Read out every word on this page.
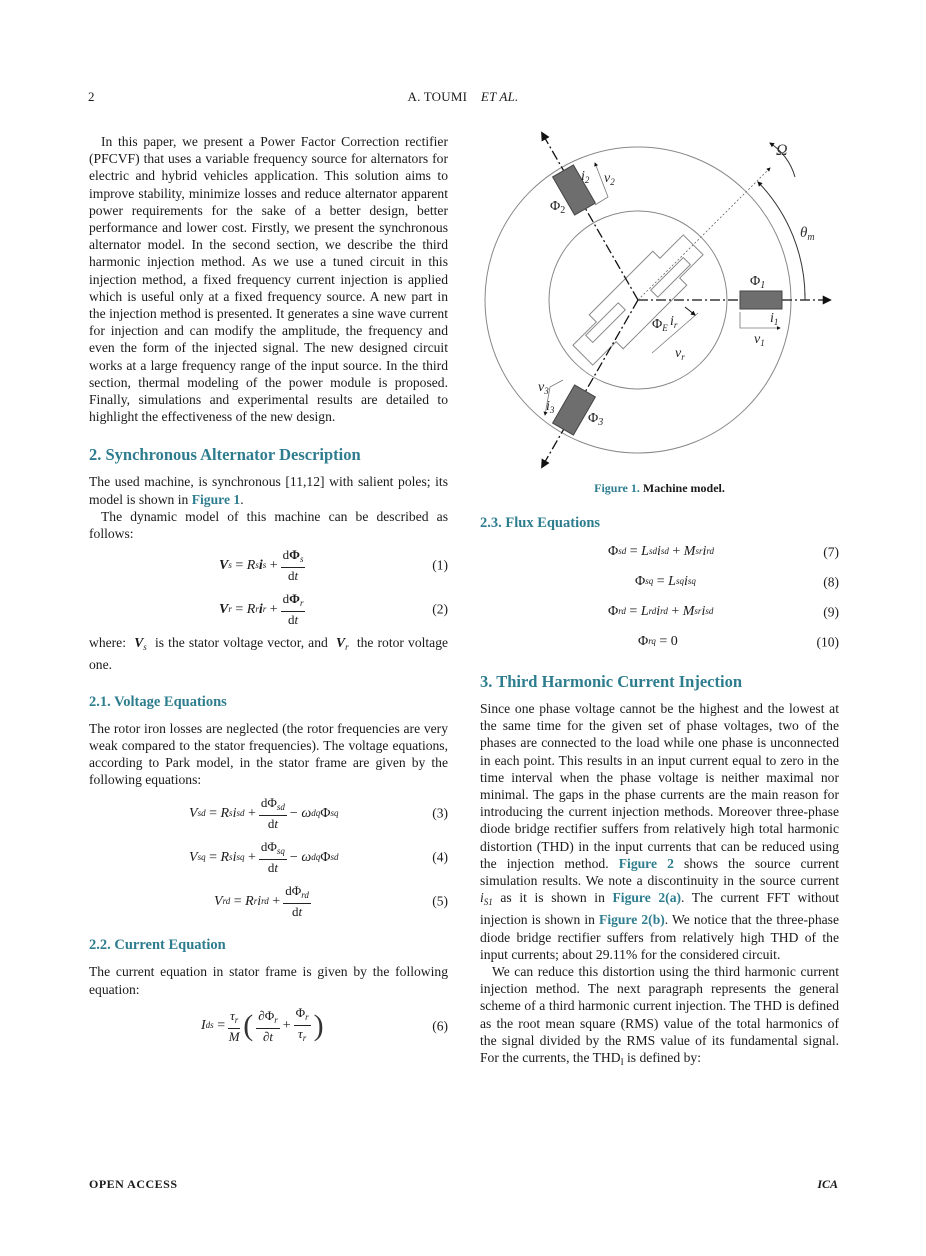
2	A. TOUMI ET AL.

In this paper, we present a Power Factor Correction rectifier (PFCVF) that uses a variable frequency source for alternators for electric and hybrid vehicles application. This solution aims to improve stability, minimize losses and reduce alternator apparent power requirements for the sake of a better design, better performance and lower cost. Firstly, we present the synchronous alternator model. In the second section, we describe the third harmonic injection method. As we use a tuned circuit in this injection method, a fixed frequency current injection is applied which is useful only at a fixed frequency source. A new part in the injection method is presented. It generates a sine wave current for injection and can modify the amplitude, the frequency and even the form of the injected signal. The new designed circuit works at a large frequency range of the input source. In the third section, thermal modeling of the power module is proposed. Finally, simulations and experimental results are detailed to highlight the effectiveness of the new design.

2. Synchronous Alternator Description

The used machine, is synchronous [11,12] with salient poles; its model is shown in Figure 1.

The dynamic model of this machine can be described as follows:

V s
= R s i s
+ $\frac{d\Phi_s}{dt}$	(1)
V r
= R r i r
+ $\frac{d\Phi_r}{dt}$	(2)

where: $V_s$ is the stator voltage vector, and $V_r$ the rotor voltage one.

2.1. Voltage Equations

The rotor iron losses are neglected (the rotor frequencies are very weak compared to the stator frequencies). The voltage equations, according to Park model, in the stator frame are given by the following equations:

V sd
= R s i sd
+ $\frac{d\Phi_{sd}}{dt} - \omega$ dq Φ sq	(3)
V sq
= R s i sq
+ $\frac{d\Phi_{sq}}{dt} - \omega$ dq Φ sd	(4)
V rd
= R r i rd
+ $\frac{d\Phi_{rd}}{dt}$	(5)
2.2. Current Equation

The current equation in stator frame is given by the following equation:

I ds
= $\frac{\tau_r}{M}$ ( $\frac{\partial\Phi_r}{\partial t} + \frac{\Phi_r}{\tau_r}$ )	(6)
Ω
$\theta_m$
$\Phi_1$
$\Phi_2$
$\Phi_3$
$\Phi_E$
$i_1$
$i_2$
$i_3$
$v_1$
$v_2$
$v_3$
$i_r$
$v_r$
Figure 1. Machine model.
2.3. Flux Equations
Φ sd
= L sd i sd
+ M sr i rd	(7)
Φ sq
= L sq i sq	(8)
Φ rd
= L rd i rd
+ M sr i sd	(9)
Φ rq
= 0	(10)
3. Third Harmonic Current Injection

Since one phase voltage cannot be the highest and the lowest at the same time for the given set of phase voltages, two of the phases are connected to the load while one phase is unconnected in each point. This results in an input current equal to zero in the time interval when the phase voltage is neither maximal nor minimal. The gaps in the phase currents are the main reason for introducing the current injection methods. Moreover three-phase diode bridge rectifier suffers from relatively high total harmonic distortion (THD) in the input currents that can be reduced using the injection method. Figure 2 shows the source current simulation results. We note a discontinuity in the source current $i_{S1}$ as it is shown in Figure 2(a). The current FFT without injection is shown in Figure 2(b). We notice that the three-phase diode bridge rectifier suffers from relatively high THD of the input currents; about 29.11% for the considered circuit.

We can reduce this distortion using the third harmonic current injection method. The next paragraph represents the general scheme of a third harmonic current injection. The THD is defined as the root mean square (RMS) value of the total harmonics of the signal divided by the RMS value of its fundamental signal. For the currents, the $THD_I$ is defined by:

OPEN ACCESS	ICA
